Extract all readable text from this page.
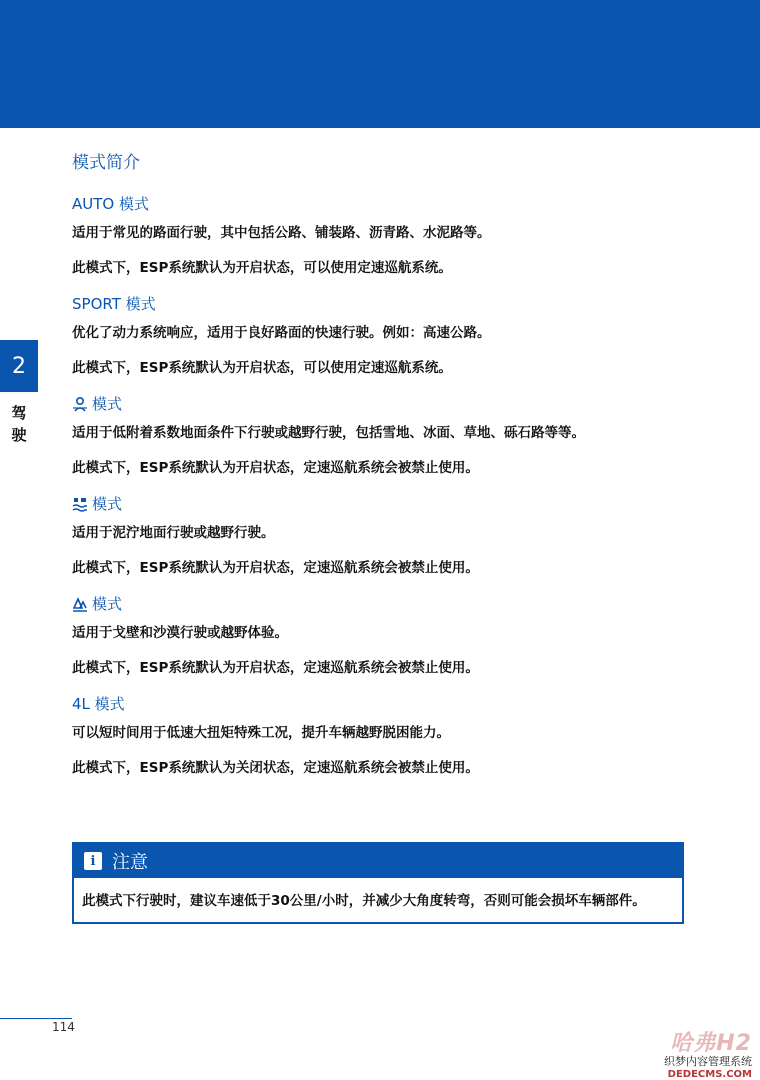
2
驾驶
模式简介
AUTO 模式

适用于常见的路面行驶，其中包括公路、铺装路、沥青路、水泥路等。

此模式下，ESP系统默认为开启状态，可以使用定速巡航系统。

SPORT 模式

优化了动力系统响应，适用于良好路面的快速行驶。例如：高速公路。

此模式下，ESP系统默认为开启状态，可以使用定速巡航系统。

模式

适用于低附着系数地面条件下行驶或越野行驶，包括雪地、冰面、草地、砾石路等等。

此模式下，ESP系统默认为开启状态，定速巡航系统会被禁止使用。

模式

适用于泥泞地面行驶或越野行驶。

此模式下，ESP系统默认为开启状态，定速巡航系统会被禁止使用。

模式

适用于戈壁和沙漠行驶或越野体验。

此模式下，ESP系统默认为开启状态，定速巡航系统会被禁止使用。

4L 模式

可以短时间用于低速大扭矩特殊工况，提升车辆越野脱困能力。

此模式下，ESP系统默认为关闭状态，定速巡航系统会被禁止使用。

i 注意
此模式下行驶时，建议车速低于30公里/小时，并减少大角度转弯，否则可能会损坏车辆部件。
114
哈弗H2
织梦内容管理系统
DEDECMS.COM
